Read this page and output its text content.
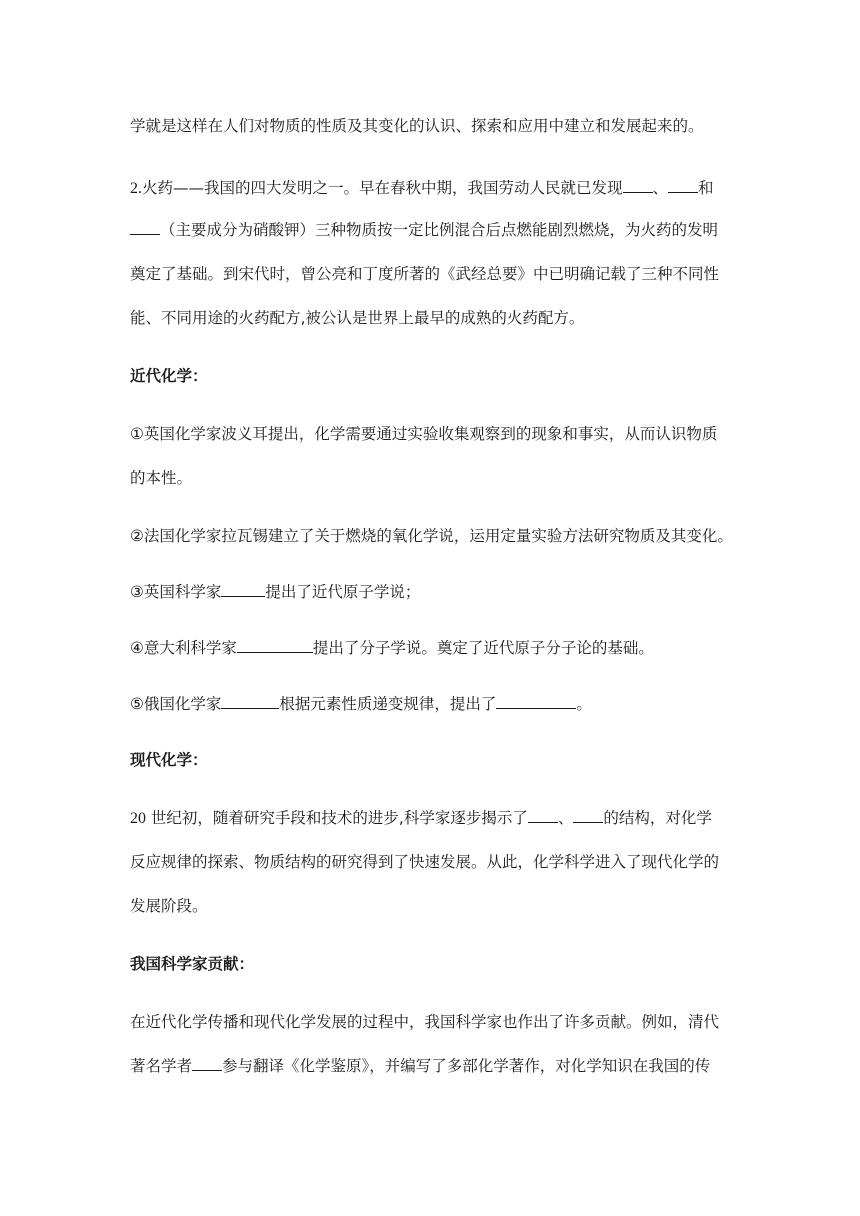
学就是这样在人们对物质的性质及其变化的认识、探索和应用中建立和发展起来的。
2.火药——我国的四大发明之一。早在春秋中期，我国劳动人民就已发现 、 和
（主要成分为硝酸钾）三种物质按一定比例混合后点燃能剧烈燃烧，为火药的发明
奠定了基础。到宋代时，曾公亮和丁度所著的《武经总要》中已明确记载了三种不同性
能、不同用途的火药配方,被公认是世界上最早的成熟的火药配方。
近代化学：
①英国化学家波义耳提出，化学需要通过实验收集观察到的现象和事实，从而认识物质
的本性。
②法国化学家拉瓦锡建立了关于燃烧的氧化学说，运用定量实验方法研究物质及其变化。
③英国科学家	提出了近代原子学说；
④意大利科学家	提出了分子学说。奠定了近代原子分子论的基础。
⑤俄国化学家	根据元素性质递变规律，提出了	。
现代化学：
20 世纪初，随着研究手段和技术的进步,科学家逐步揭示了 、 的结构，对化学
反应规律的探索、物质结构的研究得到了快速发展。从此，化学科学进入了现代化学的
发展阶段。
我国科学家贡献：
在近代化学传播和现代化学发展的过程中，我国科学家也作出了许多贡献。例如，清代
著名学者 参与翻译《化学鉴原》，并编写了多部化学著作，对化学知识在我国的传
